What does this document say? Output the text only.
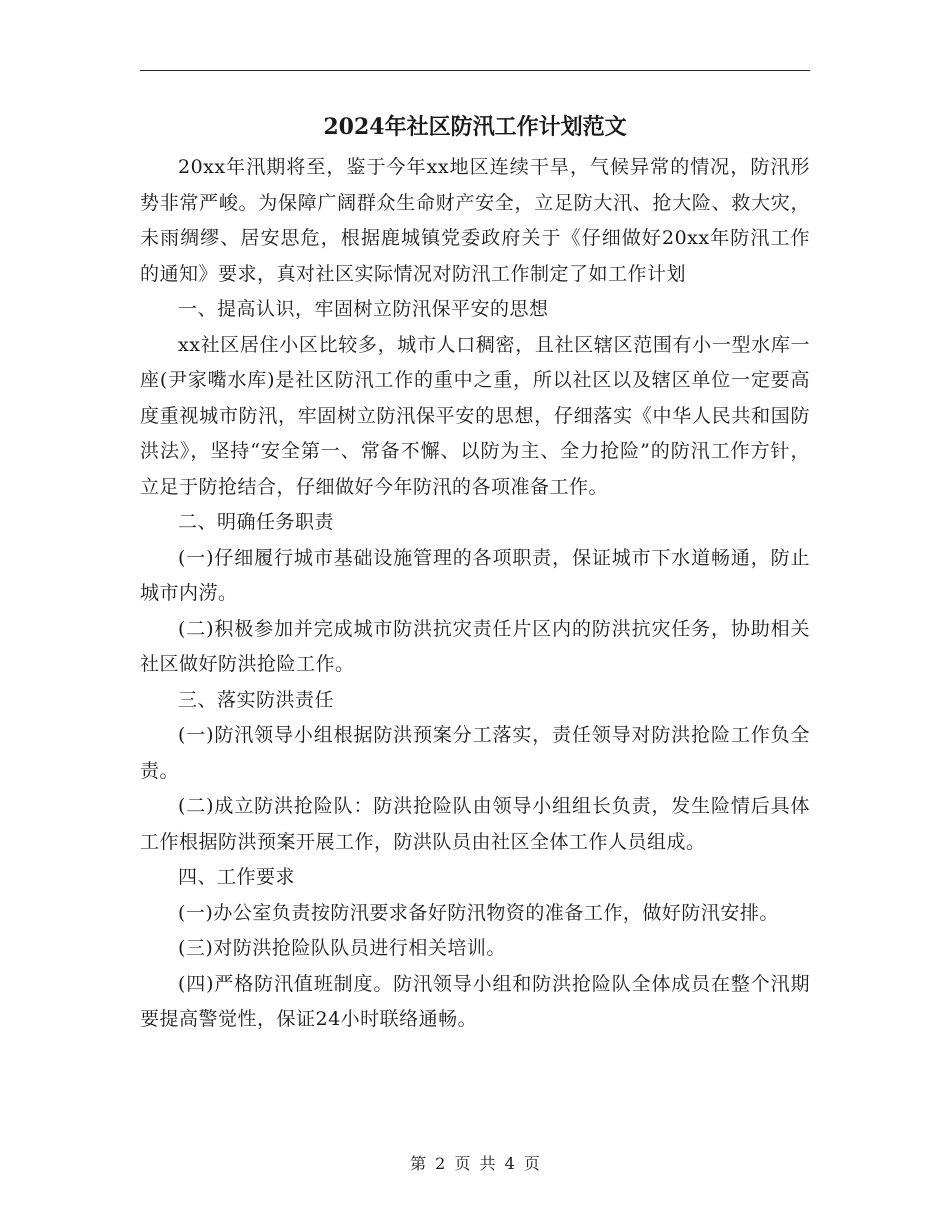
2024年社区防汛工作计划范文

20xx年汛期将至，鉴于今年xx地区连续干旱，气候异常的情况，防汛形势非常严峻。为保障广阔群众生命财产安全，立足防大汛、抢大险、救大灾，未雨绸缪、居安思危，根据鹿城镇党委政府关于《仔细做好20xx年防汛工作的通知》要求，真对社区实际情况对防汛工作制定了如工作计划

一、提高认识，牢固树立防汛保平安的思想

xx社区居住小区比较多，城市人口稠密，且社区辖区范围有小一型水库一座(尹家嘴水库)是社区防汛工作的重中之重，所以社区以及辖区单位一定要高度重视城市防汛，牢固树立防汛保平安的思想，仔细落实《中华人民共和国防洪法》，坚持“安全第一、常备不懈、以防为主、全力抢险”的防汛工作方针，立足于防抢结合，仔细做好今年防汛的各项准备工作。

二、明确任务职责

(一)仔细履行城市基础设施管理的各项职责，保证城市下水道畅通，防止城市内涝。

(二)积极参加并完成城市防洪抗灾责任片区内的防洪抗灾任务，协助相关社区做好防洪抢险工作。

三、落实防洪责任

(一)防汛领导小组根据防洪预案分工落实，责任领导对防洪抢险工作负全责。

(二)成立防洪抢险队：防洪抢险队由领导小组组长负责，发生险情后具体工作根据防洪预案开展工作，防洪队员由社区全体工作人员组成。

四、工作要求

(一)办公室负责按防汛要求备好防汛物资的准备工作，做好防汛安排。

(三)对防洪抢险队队员进行相关培训。

(四)严格防汛值班制度。防汛领导小组和防洪抢险队全体成员在整个汛期要提高警觉性，保证24小时联络通畅。

第 2 页 共 4 页
